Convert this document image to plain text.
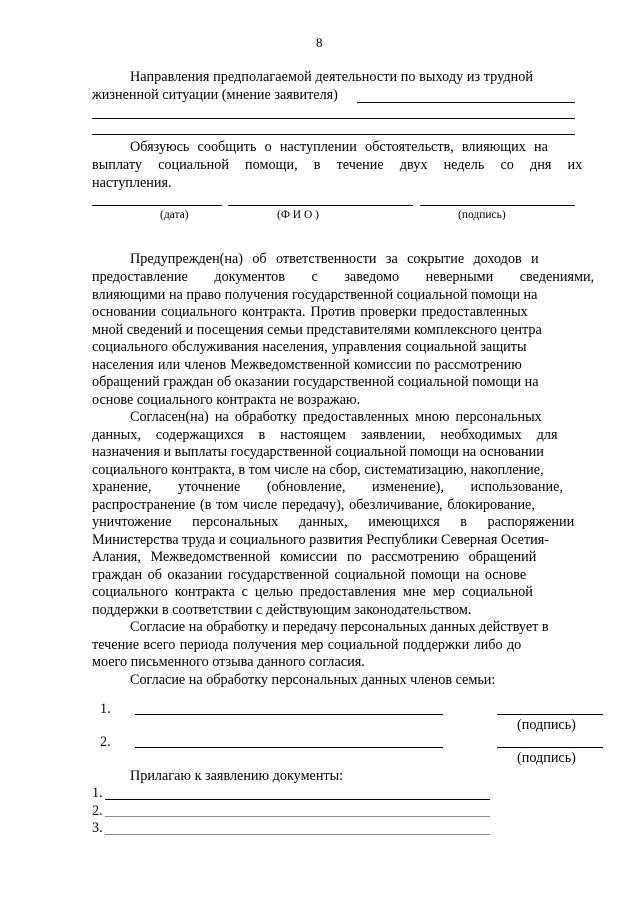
8
Направления предполагаемой деятельности по выходу из трудной
жизненной ситуации (мнение заявителя)
Обязуюсь сообщить о наступлении обстоятельств, влияющих на
выплату социальной помощи, в течение двух недель со дня их
наступления.
(дата)	(Ф И О )	(подпись)
Предупрежден(на) об ответственности за сокрытие доходов и
предоставление документов с заведомо неверными сведениями,
влияющими на право получения государственной социальной помощи на
основании социального контракта. Против проверки предоставленных
мной сведений и посещения семьи представителями комплексного центра
социального обслуживания населения, управления социальной защиты
населения или членов Межведомственной комиссии по рассмотрению
обращений граждан об оказании государственной социальной помощи на
основе социального контракта не возражаю.
Согласен(на) на обработку предоставленных мною персональных
данных, содержащихся в настоящем заявлении, необходимых для
назначения и выплаты государственной социальной помощи на основании
социального контракта, в том числе на сбор, систематизацию, накопление,
хранение, уточнение (обновление, изменение), использование,
распространение (в том числе передачу), обезличивание, блокирование,
уничтожение персональных данных, имеющихся в распоряжении
Министерства труда и социального развития Республики Северная Осетия-
Алания, Межведомственной комиссии по рассмотрению обращений
граждан об оказании государственной социальной помощи на основе
социального контракта с целью предоставления мне мер социальной
поддержки в соответствии с действующим законодательством.
Согласие на обработку и передачу персональных данных действует в
течение всего периода получения мер социальной поддержки либо до
моего письменного отзыва данного согласия.
Согласие на обработку персональных данных членов семьи:
1.
(подпись)
2.
(подпись)
Прилагаю к заявлению документы:
1.
2.
3.
